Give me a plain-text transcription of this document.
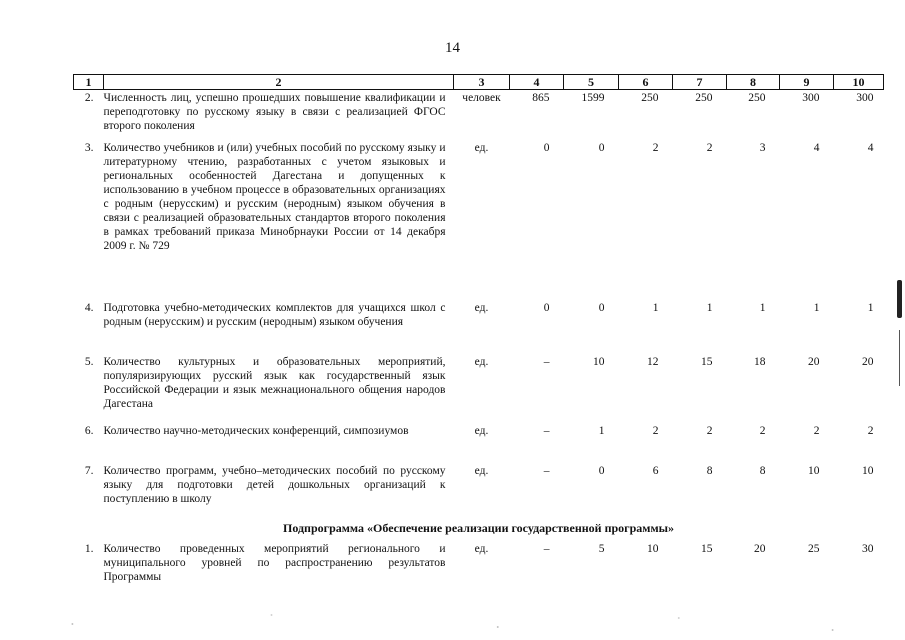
14
1	2	3	4	5	6	7	8	9	10
2.	Численность лиц, успешно прошедших повышение квалификации и переподготовку по русскому языку в связи с реализацией ФГОС второго поколения	человек	865	1599	250	250	250	300	300
3.	Количество учебников и (или) учебных пособий по русскому языку и литературному чтению, разработанных с учетом языковых и региональных особенностей Дагестана и допущенных к использованию в учебном процессе в образовательных организациях с родным (нерусским) и русским (неродным) языком обучения в связи с реализацией образовательных стандартов второго поколения в рамках требований приказа Минобрнауки России от 14 декабря 2009 г. № 729	ед.	0	0	2	2	3	4	4
4.	Подготовка учебно-методических комплектов для учащихся школ с родным (нерусским) и русским (неродным) языком обучения	ед.	0	0	1	1	1	1	1
5.	Количество культурных и образовательных мероприятий, популяризирующих русский язык как государственный язык Российской Федерации и язык межнационального общения народов Дагестана	ед.	–	10	12	15	18	20	20
6.	Количество научно-методических конференций, симпозиумов	ед.	–	1	2	2	2	2	2
7.	Количество программ, учебно–методических пособий по русскому языку для подготовки детей дошкольных организаций к поступлению в школу	ед.	–	0	6	8	8	10	10
Подпрограмма «Обеспечение реализации государственной программы»									
1.	Количество проведенных мероприятий регионального и муниципального уровней по распространению результатов Программы	ед.	–	5	10	15	20	25	30
